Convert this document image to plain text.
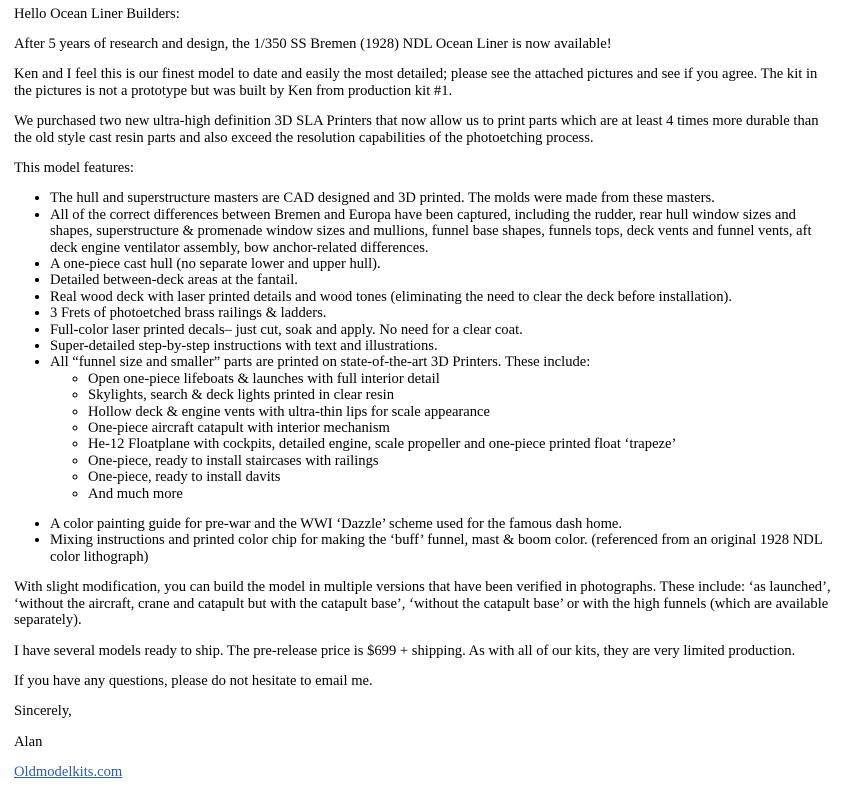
Hello Ocean Liner Builders:

After 5 years of research and design, the 1/350 SS Bremen (1928) NDL Ocean Liner is now available!

Ken and I feel this is our finest model to date and easily the most detailed; please see the attached pictures and see if you agree. The kit in the pictures is not a prototype but was built by Ken from production kit #1.

We purchased two new ultra-high definition 3D SLA Printers that now allow us to print parts which are at least 4 times more durable than the old style cast resin parts and also exceed the resolution capabilities of the photoetching process.

This model features:

• The hull and superstructure masters are CAD designed and 3D printed. The molds were made from these masters.
• All of the correct differences between Bremen and Europa have been captured, including the rudder, rear hull window sizes and shapes, superstructure & promenade window sizes and mullions, funnel base shapes, funnels tops, deck vents and funnel vents, aft deck engine ventilator assembly, bow anchor-related differences.
• A one-piece cast hull (no separate lower and upper hull).
• Detailed between-deck areas at the fantail.
• Real wood deck with laser printed details and wood tones (eliminating the need to clear the deck before installation).
• 3 Frets of photoetched brass railings & ladders.
• Full-color laser printed decals– just cut, soak and apply. No need for a clear coat.
• Super-detailed step-by-step instructions with text and illustrations.
• All “funnel size and smaller” parts are printed on state-of-the-art 3D Printers. These include:
◦ Open one-piece lifeboats & launches with full interior detail
◦ Skylights, search & deck lights printed in clear resin
◦ Hollow deck & engine vents with ultra-thin lips for scale appearance
◦ One-piece aircraft catapult with interior mechanism
◦ He-12 Floatplane with cockpits, detailed engine, scale propeller and one-piece printed float ‘trapeze’
◦ One-piece, ready to install staircases with railings
◦ One-piece, ready to install davits
◦ And much more
• A color painting guide for pre-war and the WWI ‘Dazzle’ scheme used for the famous dash home.
• Mixing instructions and printed color chip for making the ‘buff’ funnel, mast & boom color. (referenced from an original 1928 NDL color lithograph)

With slight modification, you can build the model in multiple versions that have been verified in photographs. These include: ‘as launched’, ‘without the aircraft, crane and catapult but with the catapult base’, ‘without the catapult base’ or with the high funnels (which are available separately).

I have several models ready to ship. The pre-release price is $699 + shipping. As with all of our kits, they are very limited production.

If you have any questions, please do not hesitate to email me.

Sincerely,

Alan

Oldmodelkits.com
